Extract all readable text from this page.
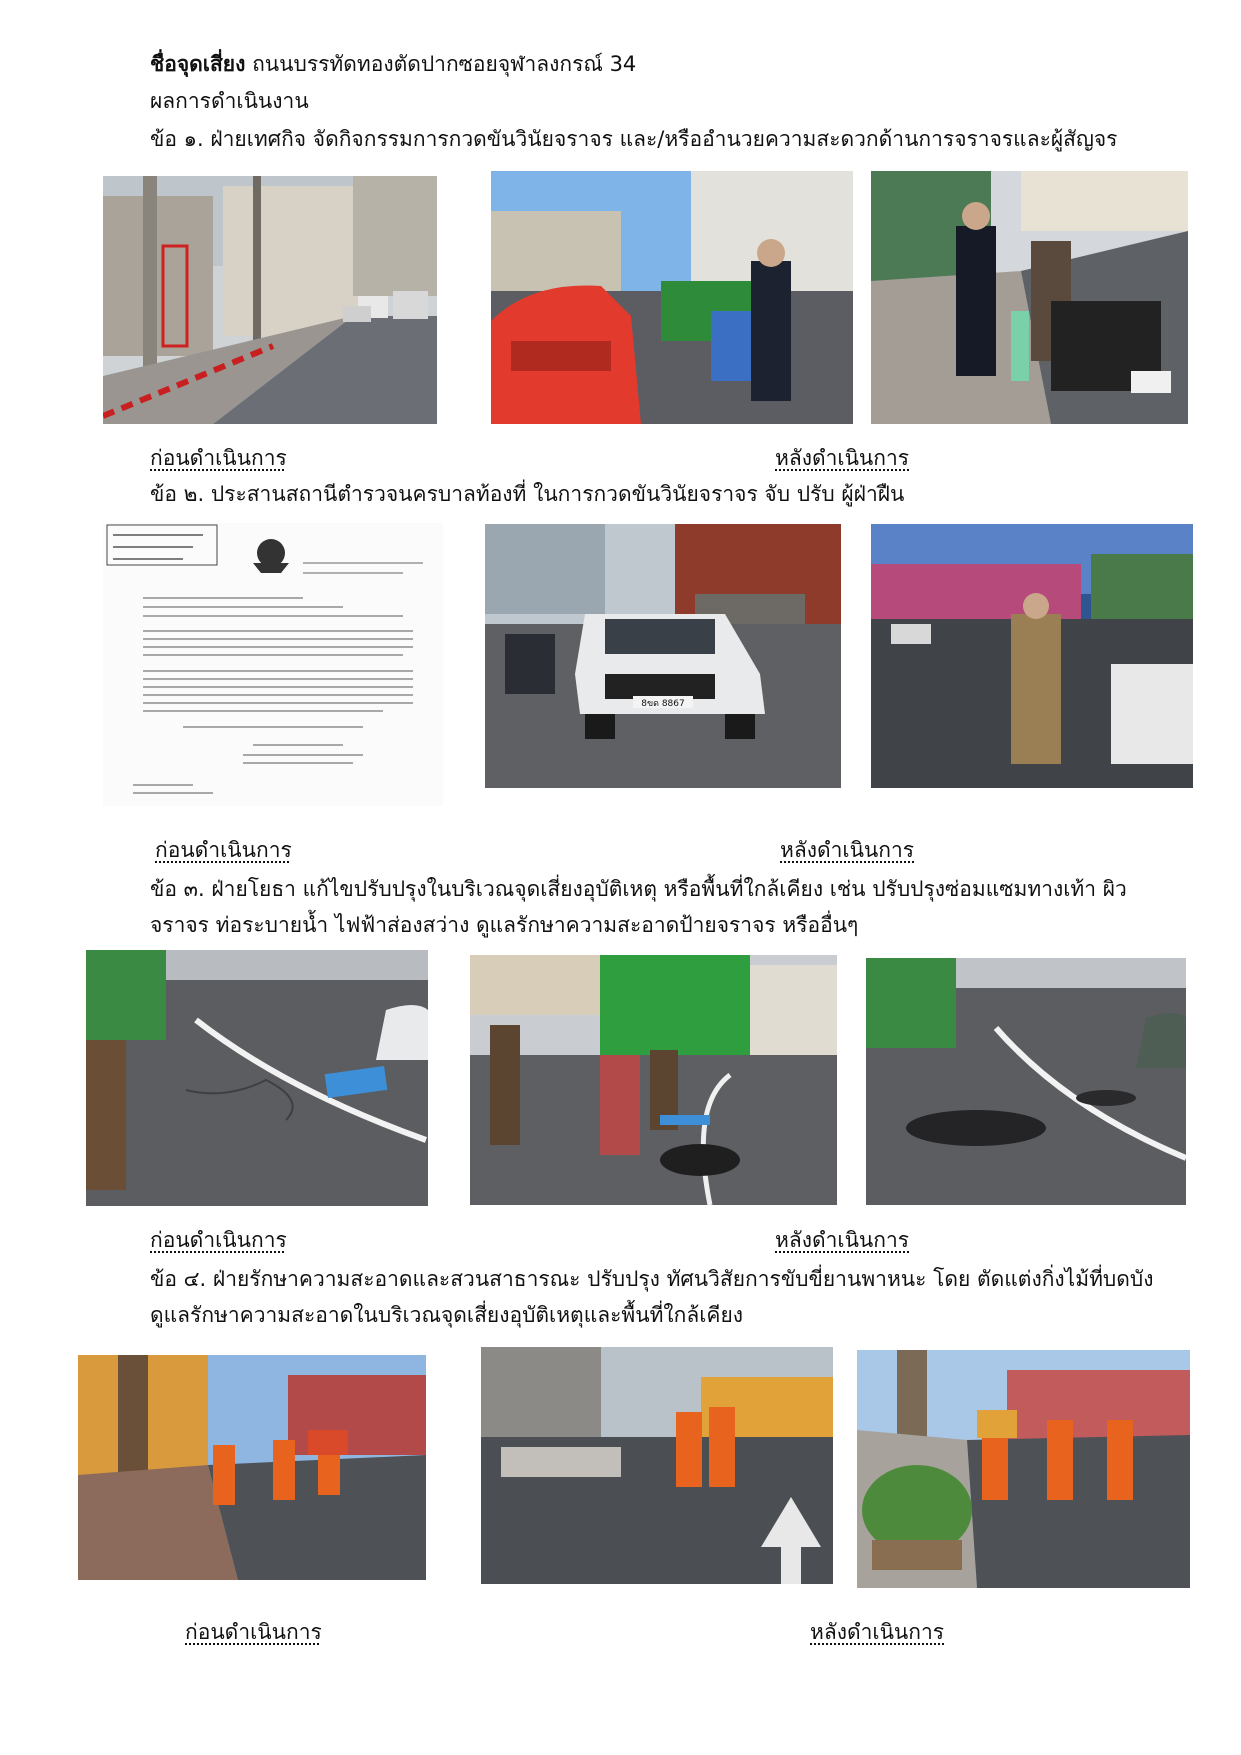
ชื่อจุดเสี่ยง ถนนบรรทัดทองตัดปากซอยจุฬาลงกรณ์ 34
ผลการดำเนินงาน
ข้อ ๑. ฝ่ายเทศกิจ จัดกิจกรรมการกวดขันวินัยจราจร และ/หรืออำนวยความสะดวกด้านการจราจรและผู้สัญจร
ก่อนดำเนินการ	หลังดำเนินการ
ข้อ ๒. ประสานสถานีตำรวจนครบาลท้องที่ ในการกวดขันวินัยจราจร จับ ปรับ ผู้ฝ่าฝืน
8ขด 8867
ก่อนดำเนินการ	หลังดำเนินการ
ข้อ ๓. ฝ่ายโยธา แก้ไขปรับปรุงในบริเวณจุดเสี่ยงอุบัติเหตุ หรือพื้นที่ใกล้เคียง เช่น ปรับปรุงซ่อมแซมทางเท้า ผิวจราจร ท่อระบายน้ำ ไฟฟ้าส่องสว่าง ดูแลรักษาความสะอาดป้ายจราจร หรืออื่นๆ
ก่อนดำเนินการ	หลังดำเนินการ
ข้อ ๔. ฝ่ายรักษาความสะอาดและสวนสาธารณะ ปรับปรุง ทัศนวิสัยการขับขี่ยานพาหนะ โดย ตัดแต่งกิ่งไม้ที่บดบัง ดูแลรักษาความสะอาดในบริเวณจุดเสี่ยงอุบัติเหตุและพื้นที่ใกล้เคียง
ก่อนดำเนินการ	หลังดำเนินการ
